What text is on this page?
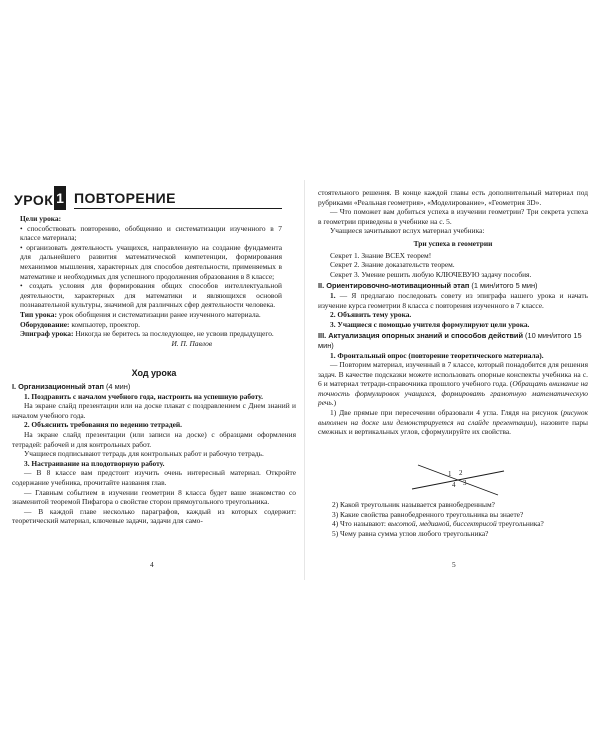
УРОК 1 ПОВТОРЕНИЕ

Цели урока:

• способствовать повторению, обобщению и систематизации изученного в 7 классе материала;

• организовать деятельность учащихся, направленную на создание фундамента для дальнейшего развития математической компетенции, формирования механизмов мышления, характерных для способов деятельности, применяемых в математике и необходимых для успешного продолжения образования в 8 классе;

• создать условия для формирования общих способов интеллектуальной деятельности, характерных для математики и являющихся основой познавательной культуры, значимой для различных сфер деятельности человека.

Тип урока: урок обобщения и систематизации ранее изученного материала.

Оборудование: компьютер, проектор.

Эпиграф урока: Никогда не беритесь за последующее, не усвоив предыдущего.

И. П. Павлов

Ход урока

I. Организационный этап (4 мин)

1. Поздравить с началом учебного года, настроить на успешную работу.

На экране слайд презентации или на доске плакат с поздравлением с Днем знаний и началом учебного года.

2. Объяснить требования по ведению тетрадей.

На экране слайд презентации (или записи на доске) с образцами оформления тетрадей: рабочей и для контрольных работ.

Учащиеся подписывают тетрадь для контрольных работ и рабочую тетрадь.

3. Настраивание на плодотворную работу.

— В 8 классе вам предстоит изучить очень интересный материал. Откройте содержание учебника, прочитайте названия глав.

— Главным событием в изучении геометрии 8 класса будет ваше знакомство со знаменитой теоремой Пифагора о свойстве сторон прямоугольного треугольника.

— В каждой главе несколько параграфов, каждый из которых содержит: теоретический материал, ключевые задачи, задачи для само-

4

стоятельного решения. В конце каждой главы есть дополнительный материал под рубриками «Реальная геометрия», «Моделирование», «Геометрия 3D».

— Что поможет вам добиться успеха в изучении геометрии? Три секрета успеха в геометрии приведены в учебнике на с. 5.

Учащиеся зачитывают вслух материал учебника:

Три успеха в геометрии

Секрет 1. Знание ВСЕХ теорем!

Секрет 2. Знание доказательств теорем.

Секрет 3. Умение решить любую КЛЮЧЕВУЮ задачу пособия.

II. Ориентировочно-мотивационный этап (1 мин/итого 5 мин)

1. — Я предлагаю последовать совету из эпиграфа нашего урока и начать изучение курса геометрии 8 класса с повторения изученного в 7 классе.

2. Объявить тему урока.

3. Учащиеся с помощью учителя формулируют цели урока.

III. Актуализация опорных знаний и способов действий (10 мин/итого 15 мин)

1. Фронтальный опрос (повторение теоретического материала).

— Повторим материал, изученный в 7 классе, который понадобится для решения задач. В качестве подсказки можете использовать опорные конспекты учебника на с. 6 и материал тетради-справочника прошлого учебного года. (Обращать внимание на точность формулировок учащихся, формировать грамотную математическую речь.)

1) Две прямые при пересечении образовали 4 угла. Глядя на рисунок (рисунок выполнен на доске или демонстрируется на слайде презентации), назовите пары смежных и вертикальных углов, сформулируйте их свойства.

1 2
3
4

2) Какой треугольник называется равнобедренным?

3) Какие свойства равнобедренного треугольника вы знаете?

4) Что называют: высотой, медианой, биссектрисой треугольника?

5) Чему равна сумма углов любого треугольника?

5
